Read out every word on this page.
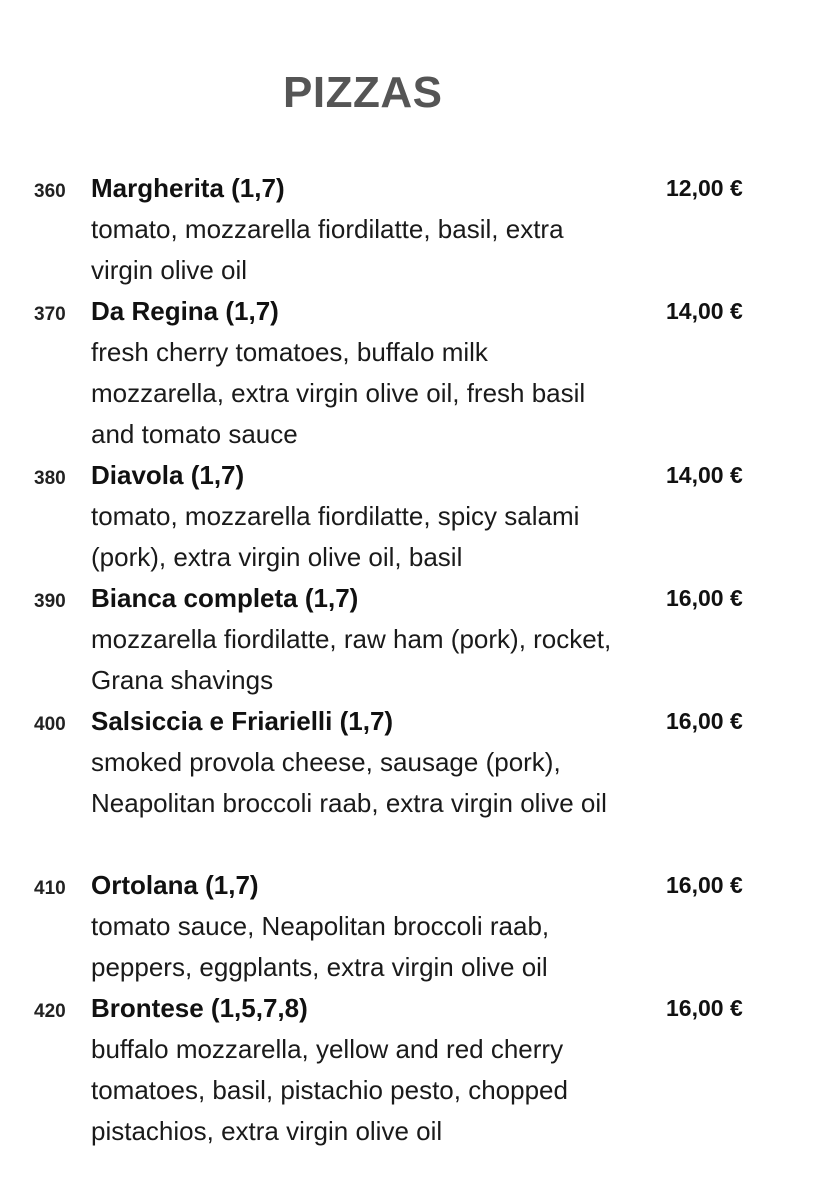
PIZZAS
360 Margherita (1,7)	12,00 €
tomato, mozzarella fiordilatte, basil, extra virgin olive oil
370 Da Regina (1,7)	14,00 €
fresh cherry tomatoes, buffalo milk mozzarella, extra virgin olive oil, fresh basil and tomato sauce
380 Diavola (1,7)	14,00 €
tomato, mozzarella fiordilatte, spicy salami (pork), extra virgin olive oil, basil
390 Bianca completa (1,7)	16,00 €
mozzarella fiordilatte, raw ham (pork), rocket, Grana shavings
400 Salsiccia e Friarielli (1,7)	16,00 €
smoked provola cheese, sausage (pork), Neapolitan broccoli raab, extra virgin olive oil
410 Ortolana (1,7)	16,00 €
tomato sauce, Neapolitan broccoli raab, peppers, eggplants, extra virgin olive oil
420 Brontese (1,5,7,8)	16,00 €
buffalo mozzarella, yellow and red cherry tomatoes, basil, pistachio pesto, chopped pistachios, extra virgin olive oil
